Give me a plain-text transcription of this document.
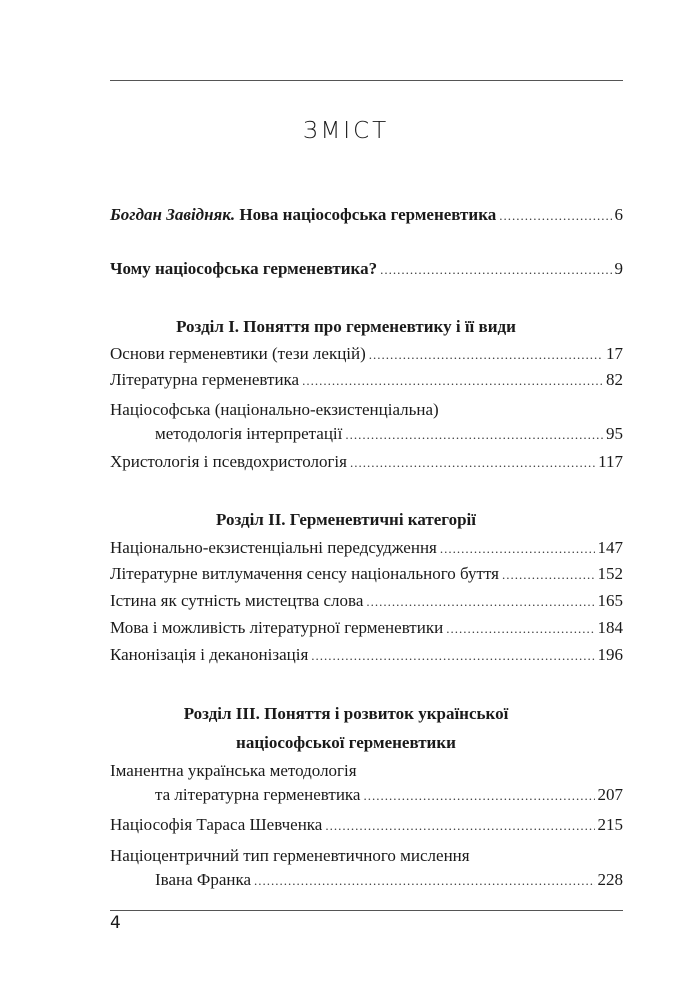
ЗМІСТ
Богдан Завідняк. Нова націософська герменевтика .....	6
Чому націософська герменевтика? .....	9
Розділ І. Поняття про герменевтику і її види
Основи герменевтики (тези лекцій) .....	17
Літературна герменевтика .....	82
Націософська (національно-екзистенціальна)
методологія інтерпретації .....	95
Христологія і псевдохристологія .....	117
Розділ ІІ. Герменевтичні категорії
Національно-екзистенціальні передсудження .....	147
Літературне витлумачення сенсу національного буття .....	152
Істина як сутність мистецтва слова .....	165
Мова і можливість літературної герменевтики .....	184
Канонізація і деканонізація .....	196
Розділ ІІІ. Поняття і розвиток української
націософської герменевтики
Іманентна українська методологія
та літературна герменевтика .....	207
Націософія Тараса Шевченка .....	215
Націоцентричний тип герменевтичного мислення
Івана Франка .....	228
4
